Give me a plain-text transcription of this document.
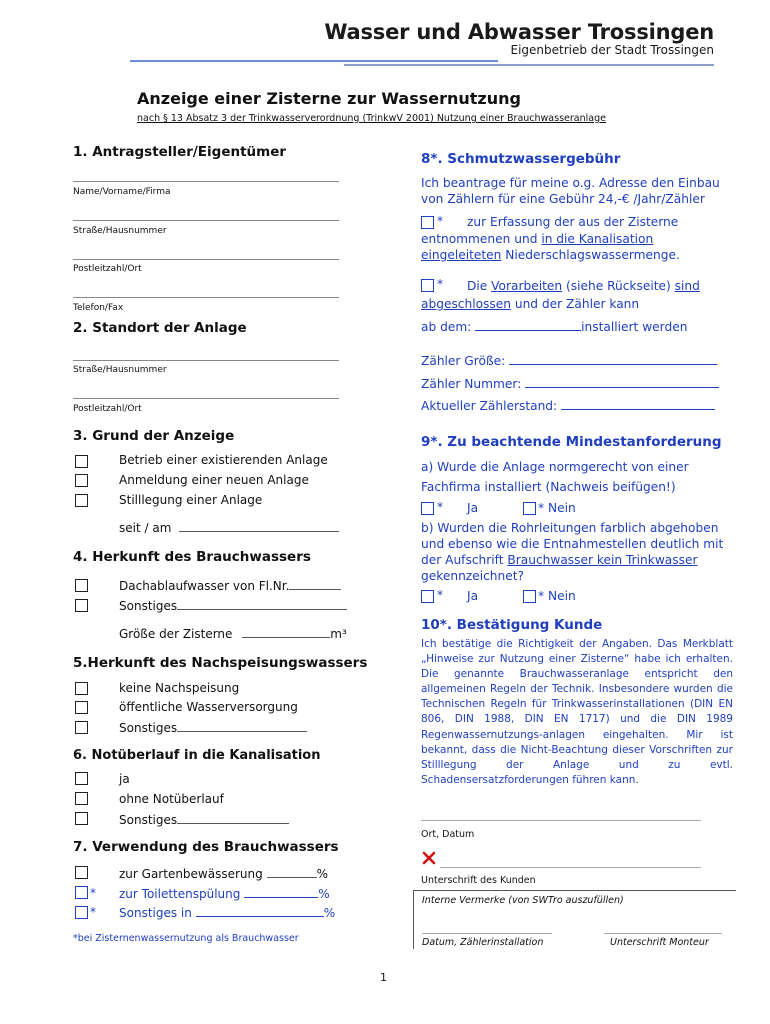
Wasser und Abwasser Trossingen
Eigenbetrieb der Stadt Trossingen
Anzeige einer Zisterne zur Wassernutzung
nach § 13 Absatz 3 der Trinkwasserverordnung (TrinkwV 2001) Nutzung einer Brauchwasseranlage
1. Antragsteller/Eigentümer
Name/Vorname/Firma
Straße/Hausnummer
Postleitzahl/Ort
Telefon/Fax
2. Standort der Anlage
Straße/Hausnummer
Postleitzahl/Ort
3. Grund der Anzeige
Betrieb einer existierenden Anlage
Anmeldung einer neuen Anlage
Stilllegung einer Anlage
seit / am
4. Herkunft des Brauchwassers
Dachablaufwasser von Fl.Nr.
Sonstiges
Größe der Zisterne	m³
5.Herkunft des Nachspeisungswassers
keine Nachspeisung
öffentliche Wasserversorgung
Sonstiges
6. Notüberlauf in die Kanalisation
ja
ohne Notüberlauf
Sonstiges
7. Verwendung des Brauchwassers
zur Gartenbewässerung	%
* zur Toilettenspülung	%
* Sonstiges in	%
*bei Zisternenwassernutzung als Brauchwasser
8*. Schmutzwassergebühr
Ich beantrage für meine o.g. Adresse den Einbau
von Zählern für eine Gebühr 24,-€ /Jahr/Zähler
* zur Erfassung der aus der Zisterne
entnommenen und in die Kanalisation
eingeleiteten Niederschlagswassermenge.
* Die Vorarbeiten (siehe Rückseite) sind
abgeschlossen und der Zähler kann
ab dem:	installiert werden
Zähler Größe:
Zähler Nummer:
Aktueller Zählerstand:
9*. Zu beachtende Mindestanforderung
a) Wurde die Anlage normgerecht von einer
Fachfirma installiert (Nachweis beifügen!)
* Ja	* Nein
b) Wurden die Rohrleitungen farblich abgehoben
und ebenso wie die Entnahmestellen deutlich mit
der Aufschrift Brauchwasser kein Trinkwasser
gekennzeichnet?
* Ja	* Nein
10*. Bestätigung Kunde
Ich bestätige die Richtigkeit der Angaben. Das Merkblatt „Hinweise zur Nutzung einer Zisterne“ habe ich erhalten. Die genannte Brauchwasseranlage entspricht den allgemeinen Regeln der Technik. Insbesondere wurden die Technischen Regeln für Trinkwasserinstallationen (DIN EN 806, DIN 1988, DIN EN 1717) und die DIN 1989 Regenwassernutzungs-anlagen eingehalten. Mir ist bekannt, dass die Nicht-Beachtung dieser Vorschriften zur Stilllegung der Anlage und zu evtl. Schadensersatzforderungen führen kann.
Ort, Datum
Unterschrift des Kunden
Interne Vermerke (von SWTro auszufüllen)
Datum, Zählerinstallation	Unterschrift Monteur
1
